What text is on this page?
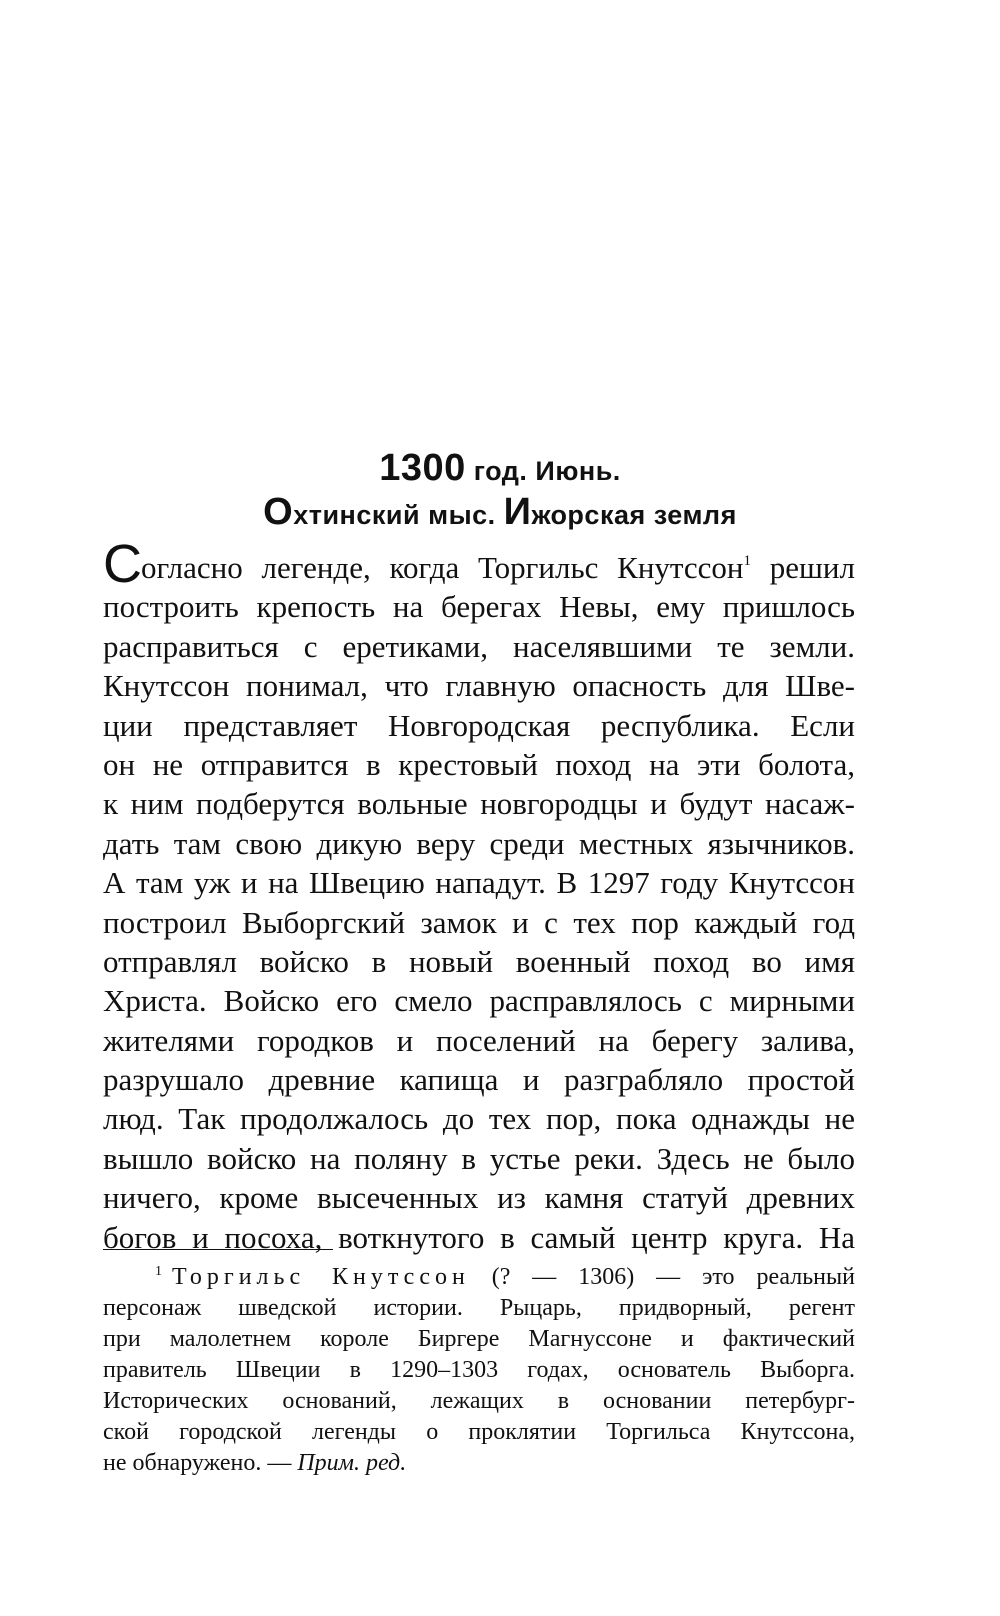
1300 год. Июнь.
Охтинский мыс. Ижорская земля
Согласно легенде, когда Торгильс Кнутссон$^1$ решил
построить крепость на берегах Невы, ему пришлось
расправиться с еретиками, населявшими те земли.
Кнутссон понимал, что главную опасность для Шве-
ции представляет Новгородская республика. Если
он не отправится в крестовый поход на эти болота,
к ним подберутся вольные новгородцы и будут насаж-
дать там свою дикую веру среди местных язычников.
А там уж и на Швецию нападут. В 1297 году Кнутссон
построил Выборгский замок и с тех пор каждый год
отправлял войско в новый военный поход во имя
Христа. Войско его смело расправлялось с мирными
жителями городков и поселений на берегу залива,
разрушало древние капища и разграбляло простой
люд. Так продолжалось до тех пор, пока однажды не
вышло войско на поляну в устье реки. Здесь не было
ничего, кроме высеченных из камня статуй древних
богов и посоха, воткнутого в самый центр круга. На
$^1$ Торгильс Кнутссон (? — 1306) — это реальный
персонаж шведской истории. Рыцарь, придворный, регент
при малолетнем короле Биргере Магнуссоне и фактический
правитель Швеции в 1290–1303 годах, основатель Выборга.
Исторических оснований, лежащих в основании петербург-
ской городской легенды о проклятии Торгильса Кнутссона,
не обнаружено. — Прим. ред.
